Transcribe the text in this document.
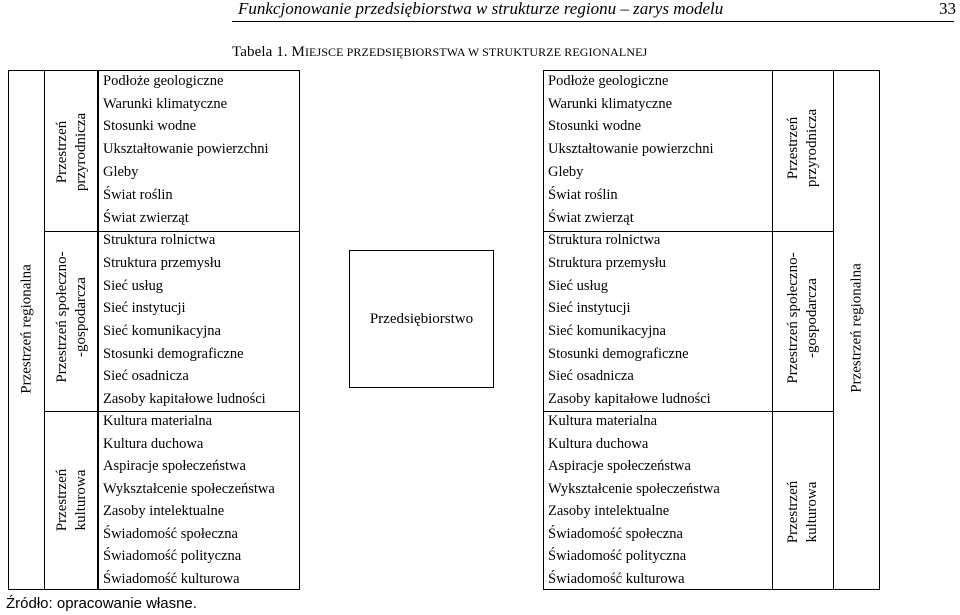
Funkcjonowanie przedsiębiorstwa w strukturze regionu – zarys modelu	33
Tabela 1. MIEJSCE PRZEDSIĘBIORSTWA W STRUKTURZE REGIONALNEJ
Przestrzeń regionalna
Przestrzeń przyrodnicza
Przestrzeń społeczno- -gospodarcza
Przestrzeń kulturowa
Przestrzeń przyrodnicza
Przestrzeń społeczno- -gospodarcza
Przestrzeń kulturowa
Przestrzeń regionalna
Podłoże geologiczne
Warunki klimatyczne
Stosunki wodne
Ukształtowanie powierzchni
Gleby
Świat roślin
Świat zwierząt
Struktura rolnictwa
Struktura przemysłu
Sieć usług
Sieć instytucji
Sieć komunikacyjna
Stosunki demograficzne
Sieć osadnicza
Zasoby kapitałowe ludności
Kultura materialna
Kultura duchowa
Aspiracje społeczeństwa
Wykształcenie społeczeństwa
Zasoby intelektualne
Świadomość społeczna
Świadomość polityczna
Świadomość kulturowa
Podłoże geologiczne
Warunki klimatyczne
Stosunki wodne
Ukształtowanie powierzchni
Gleby
Świat roślin
Świat zwierząt
Struktura rolnictwa
Struktura przemysłu
Sieć usług
Sieć instytucji
Sieć komunikacyjna
Stosunki demograficzne
Sieć osadnicza
Zasoby kapitałowe ludności
Kultura materialna
Kultura duchowa
Aspiracje społeczeństwa
Wykształcenie społeczeństwa
Zasoby intelektualne
Świadomość społeczna
Świadomość polityczna
Świadomość kulturowa
Przedsiębiorstwo
Źródło: opracowanie własne.
